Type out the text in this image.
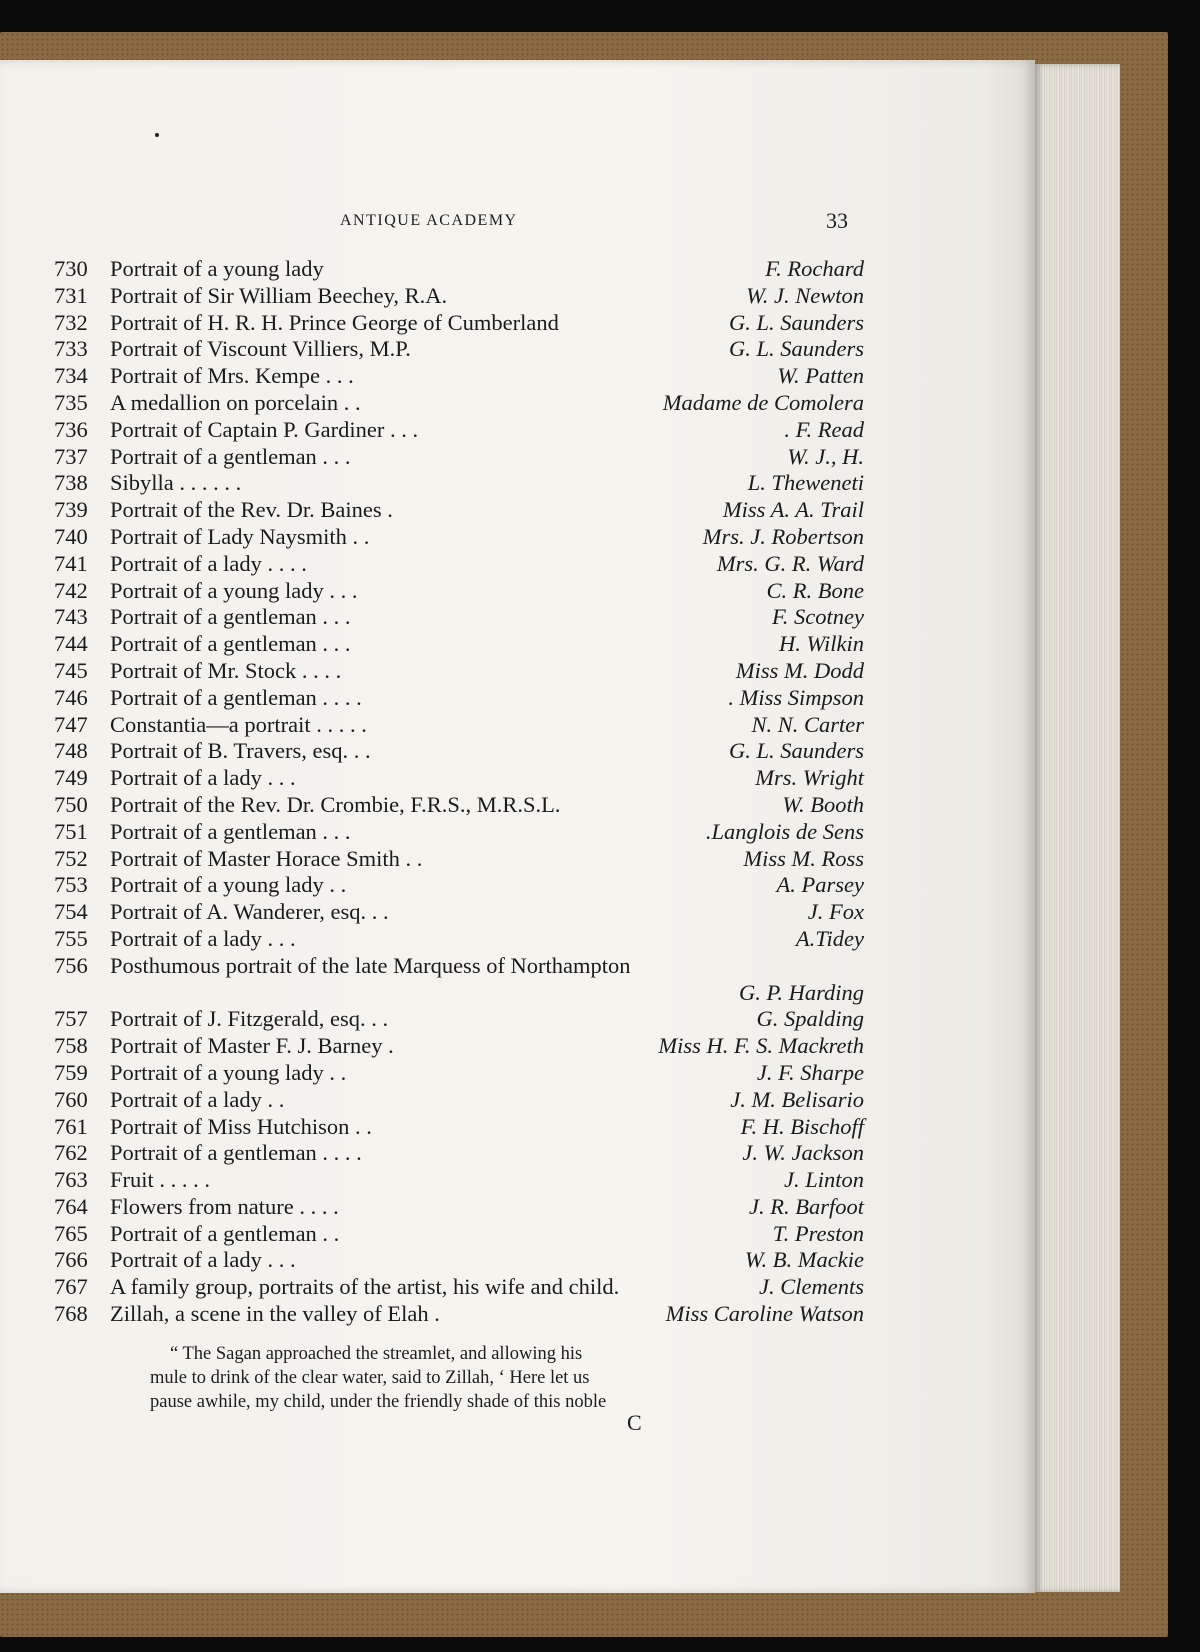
ANTIQUE ACADEMY	33
730 Portrait of a young lady	F. Rochard
731 Portrait of Sir William Beechey, R.A.	W. J. Newton
732 Portrait of H. R. H. Prince George of Cumberland	G. L. Saunders
733 Portrait of Viscount Villiers, M.P.	G. L. Saunders
734 Portrait of Mrs. Kempe . . .	W. Patten
735 A medallion on porcelain . .	Madame de Comolera
736 Portrait of Captain P. Gardiner . . .	. F. Read
737 Portrait of a gentleman . . .	W. J., H.
738 Sibylla . . . . . .	L. Theweneti
739 Portrait of the Rev. Dr. Baines .	Miss A. A. Trail
740 Portrait of Lady Naysmith . .	Mrs. J. Robertson
741 Portrait of a lady . . . .	Mrs. G. R. Ward
742 Portrait of a young lady . . .	C. R. Bone
743 Portrait of a gentleman . . .	F. Scotney
744 Portrait of a gentleman . . .	H. Wilkin
745 Portrait of Mr. Stock . . . .	Miss M. Dodd
746 Portrait of a gentleman . . . .	. Miss Simpson
747 Constantia—a portrait . . . . .	N. N. Carter
748 Portrait of B. Travers, esq. . .	G. L. Saunders
749 Portrait of a lady . . .	Mrs. Wright
750 Portrait of the Rev. Dr. Crombie, F.R.S., M.R.S.L.	W. Booth
751 Portrait of a gentleman . . .	.Langlois de Sens
752 Portrait of Master Horace Smith . .	Miss M. Ross
753 Portrait of a young lady . .	A. Parsey
754 Portrait of A. Wanderer, esq. . .	J. Fox
755 Portrait of a lady . . .	A.Tidey
756 Posthumous portrait of the late Marquess of Northampton
G. P. Harding
757 Portrait of J. Fitzgerald, esq. . .	G. Spalding
758 Portrait of Master F. J. Barney .	Miss H. F. S. Mackreth
759 Portrait of a young lady . .	J. F. Sharpe
760 Portrait of a lady . .	J. M. Belisario
761 Portrait of Miss Hutchison . .	F. H. Bischoff
762 Portrait of a gentleman . . . .	J. W. Jackson
763 Fruit . . . . .	J. Linton
764 Flowers from nature . . . .	J. R. Barfoot
765 Portrait of a gentleman . .	T. Preston
766 Portrait of a lady . . .	W. B. Mackie
767 A family group, portraits of the artist, his wife and child.	J. Clements
768 Zillah, a scene in the valley of Elah .	Miss Caroline Watson
“ The Sagan approached the streamlet, and allowing his
mule to drink of the clear water, said to Zillah, ‘ Here let us
pause awhile, my child, under the friendly shade of this noble
C
